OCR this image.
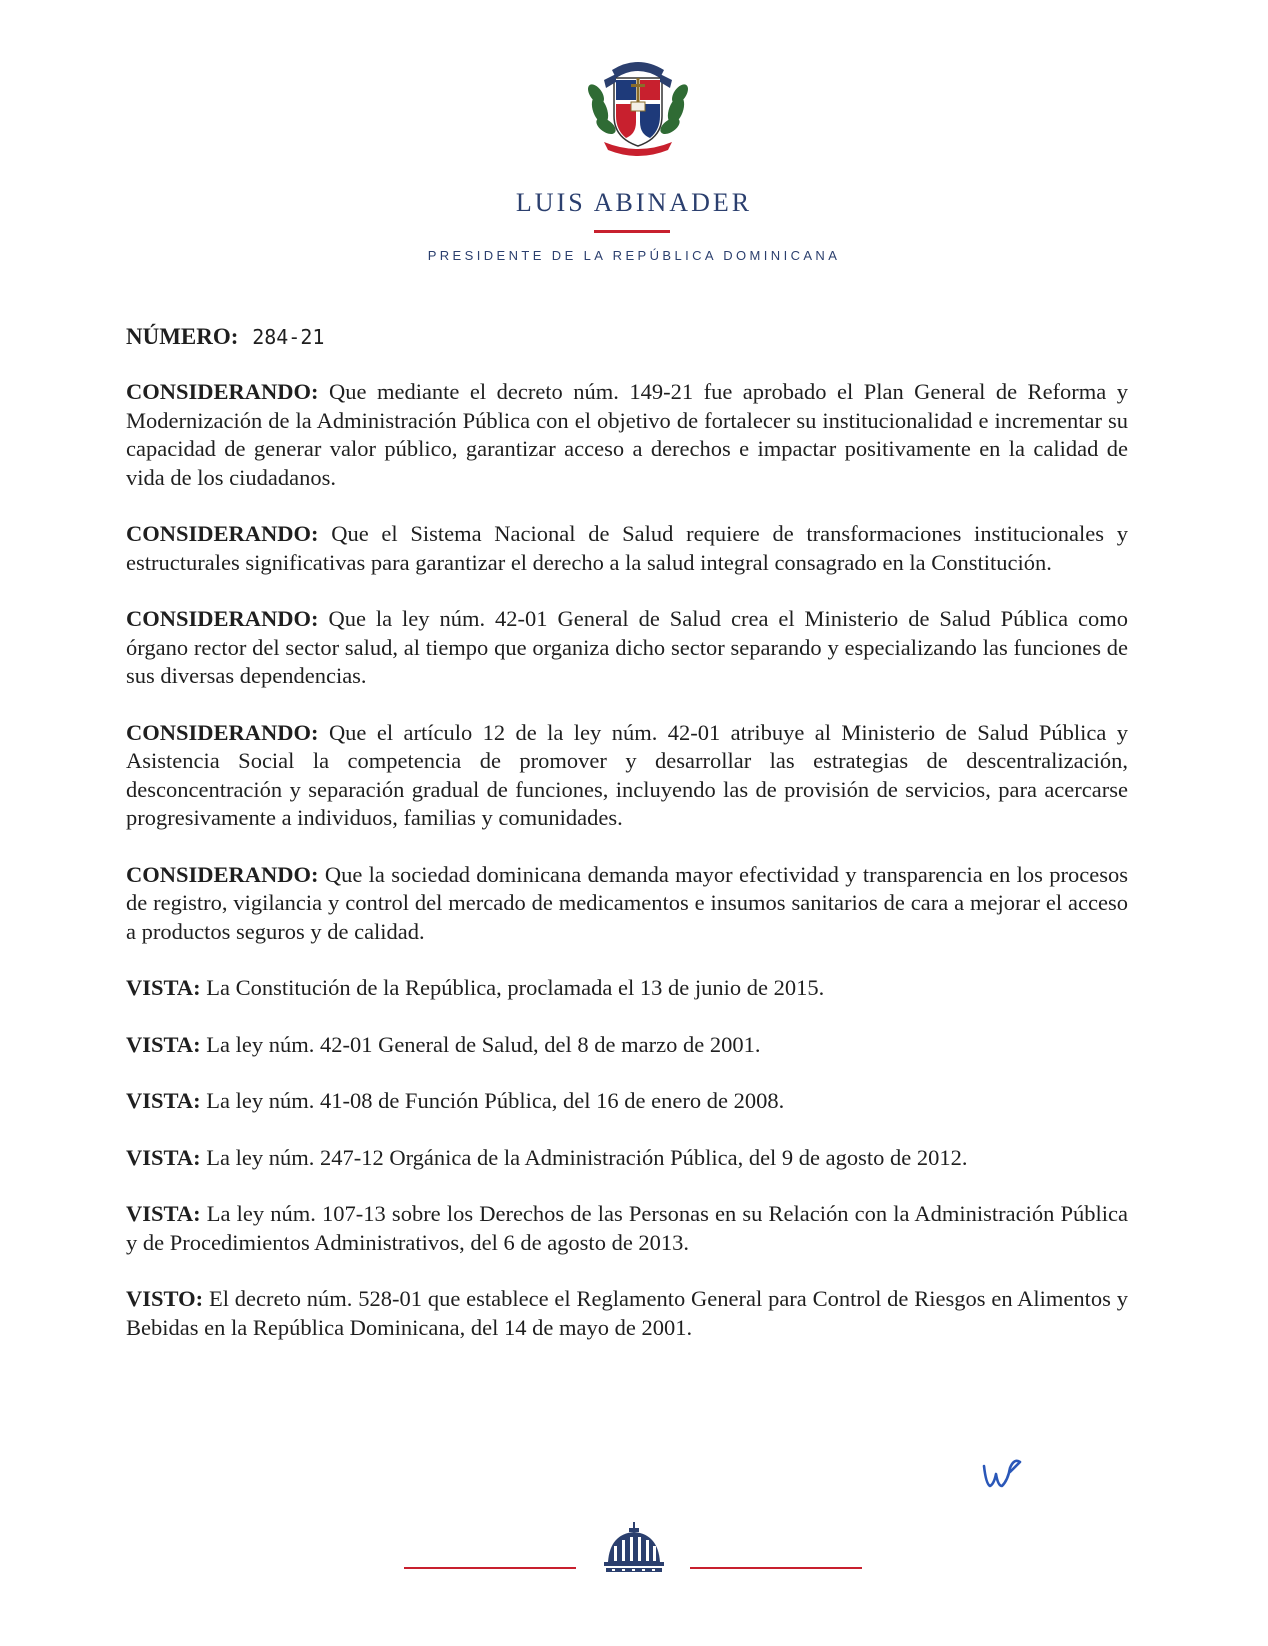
LUIS ABINADER
PRESIDENTE DE LA REPÚBLICA DOMINICANA
NÚMERO: 284-21

CONSIDERANDO: Que mediante el decreto núm. 149-21 fue aprobado el Plan General de Reforma y Modernización de la Administración Pública con el objetivo de fortalecer su institucionalidad e incrementar su capacidad de generar valor público, garantizar acceso a derechos e impactar positivamente en la calidad de vida de los ciudadanos.

CONSIDERANDO: Que el Sistema Nacional de Salud requiere de transformaciones institucionales y estructurales significativas para garantizar el derecho a la salud integral consagrado en la Constitución.

CONSIDERANDO: Que la ley núm. 42-01 General de Salud crea el Ministerio de Salud Pública como órgano rector del sector salud, al tiempo que organiza dicho sector separando y especializando las funciones de sus diversas dependencias.

CONSIDERANDO: Que el artículo 12 de la ley núm. 42-01 atribuye al Ministerio de Salud Pública y Asistencia Social la competencia de promover y desarrollar las estrategias de descentralización, desconcentración y separación gradual de funciones, incluyendo las de provisión de servicios, para acercarse progresivamente a individuos, familias y comunidades.

CONSIDERANDO: Que la sociedad dominicana demanda mayor efectividad y transparencia en los procesos de registro, vigilancia y control del mercado de medicamentos e insumos sanitarios de cara a mejorar el acceso a productos seguros y de calidad.

VISTA: La Constitución de la República, proclamada el 13 de junio de 2015.

VISTA: La ley núm. 42-01 General de Salud, del 8 de marzo de 2001.

VISTA: La ley núm. 41-08 de Función Pública, del 16 de enero de 2008.

VISTA: La ley núm. 247-12 Orgánica de la Administración Pública, del 9 de agosto de 2012.

VISTA: La ley núm. 107-13 sobre los Derechos de las Personas en su Relación con la Administración Pública y de Procedimientos Administrativos, del 6 de agosto de 2013.

VISTO: El decreto núm. 528-01 que establece el Reglamento General para Control de Riesgos en Alimentos y Bebidas en la República Dominicana, del 14 de mayo de 2001.
